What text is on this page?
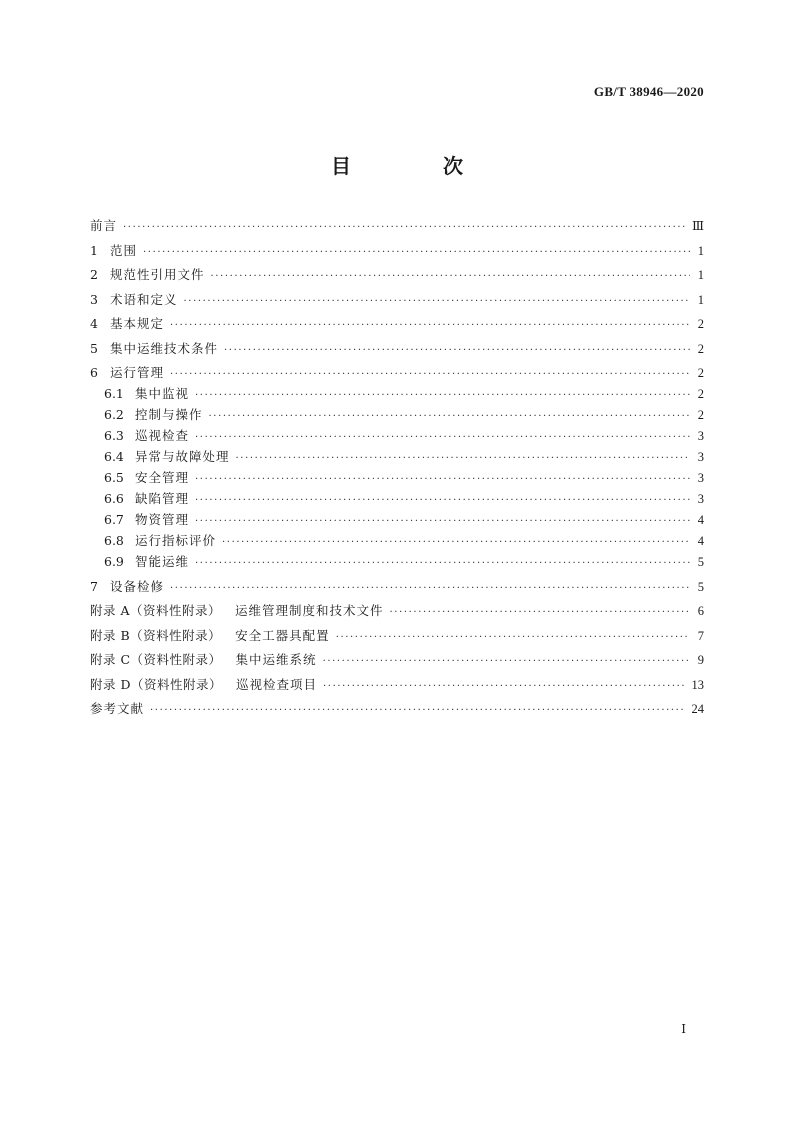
GB/T 38946—2020
目　次
前言 ·····	Ⅲ
1 范围 ·····	1
2 规范性引用文件 ·····	1
3 术语和定义 ·····	1
4 基本规定 ·····	2
5 集中运维技术条件 ·····	2
6 运行管理 ·····	2
6.1 集中监视 ·····	2
6.2 控制与操作 ·····	2
6.3 巡视检查 ·····	3
6.4 异常与故障处理 ·····	3
6.5 安全管理 ·····	3
6.6 缺陷管理 ·····	3
6.7 物资管理 ·····	4
6.8 运行指标评价 ·····	4
6.9 智能运维 ·····	5
7 设备检修 ·····	5
附录 A（资料性附录） 运维管理制度和技术文件 ·····	6
附录 B（资料性附录） 安全工器具配置 ·····	7
附录 C（资料性附录） 集中运维系统 ·····	9
附录 D（资料性附录） 巡视检查项目 ·····	13
参考文献 ·····	24
Ⅰ
